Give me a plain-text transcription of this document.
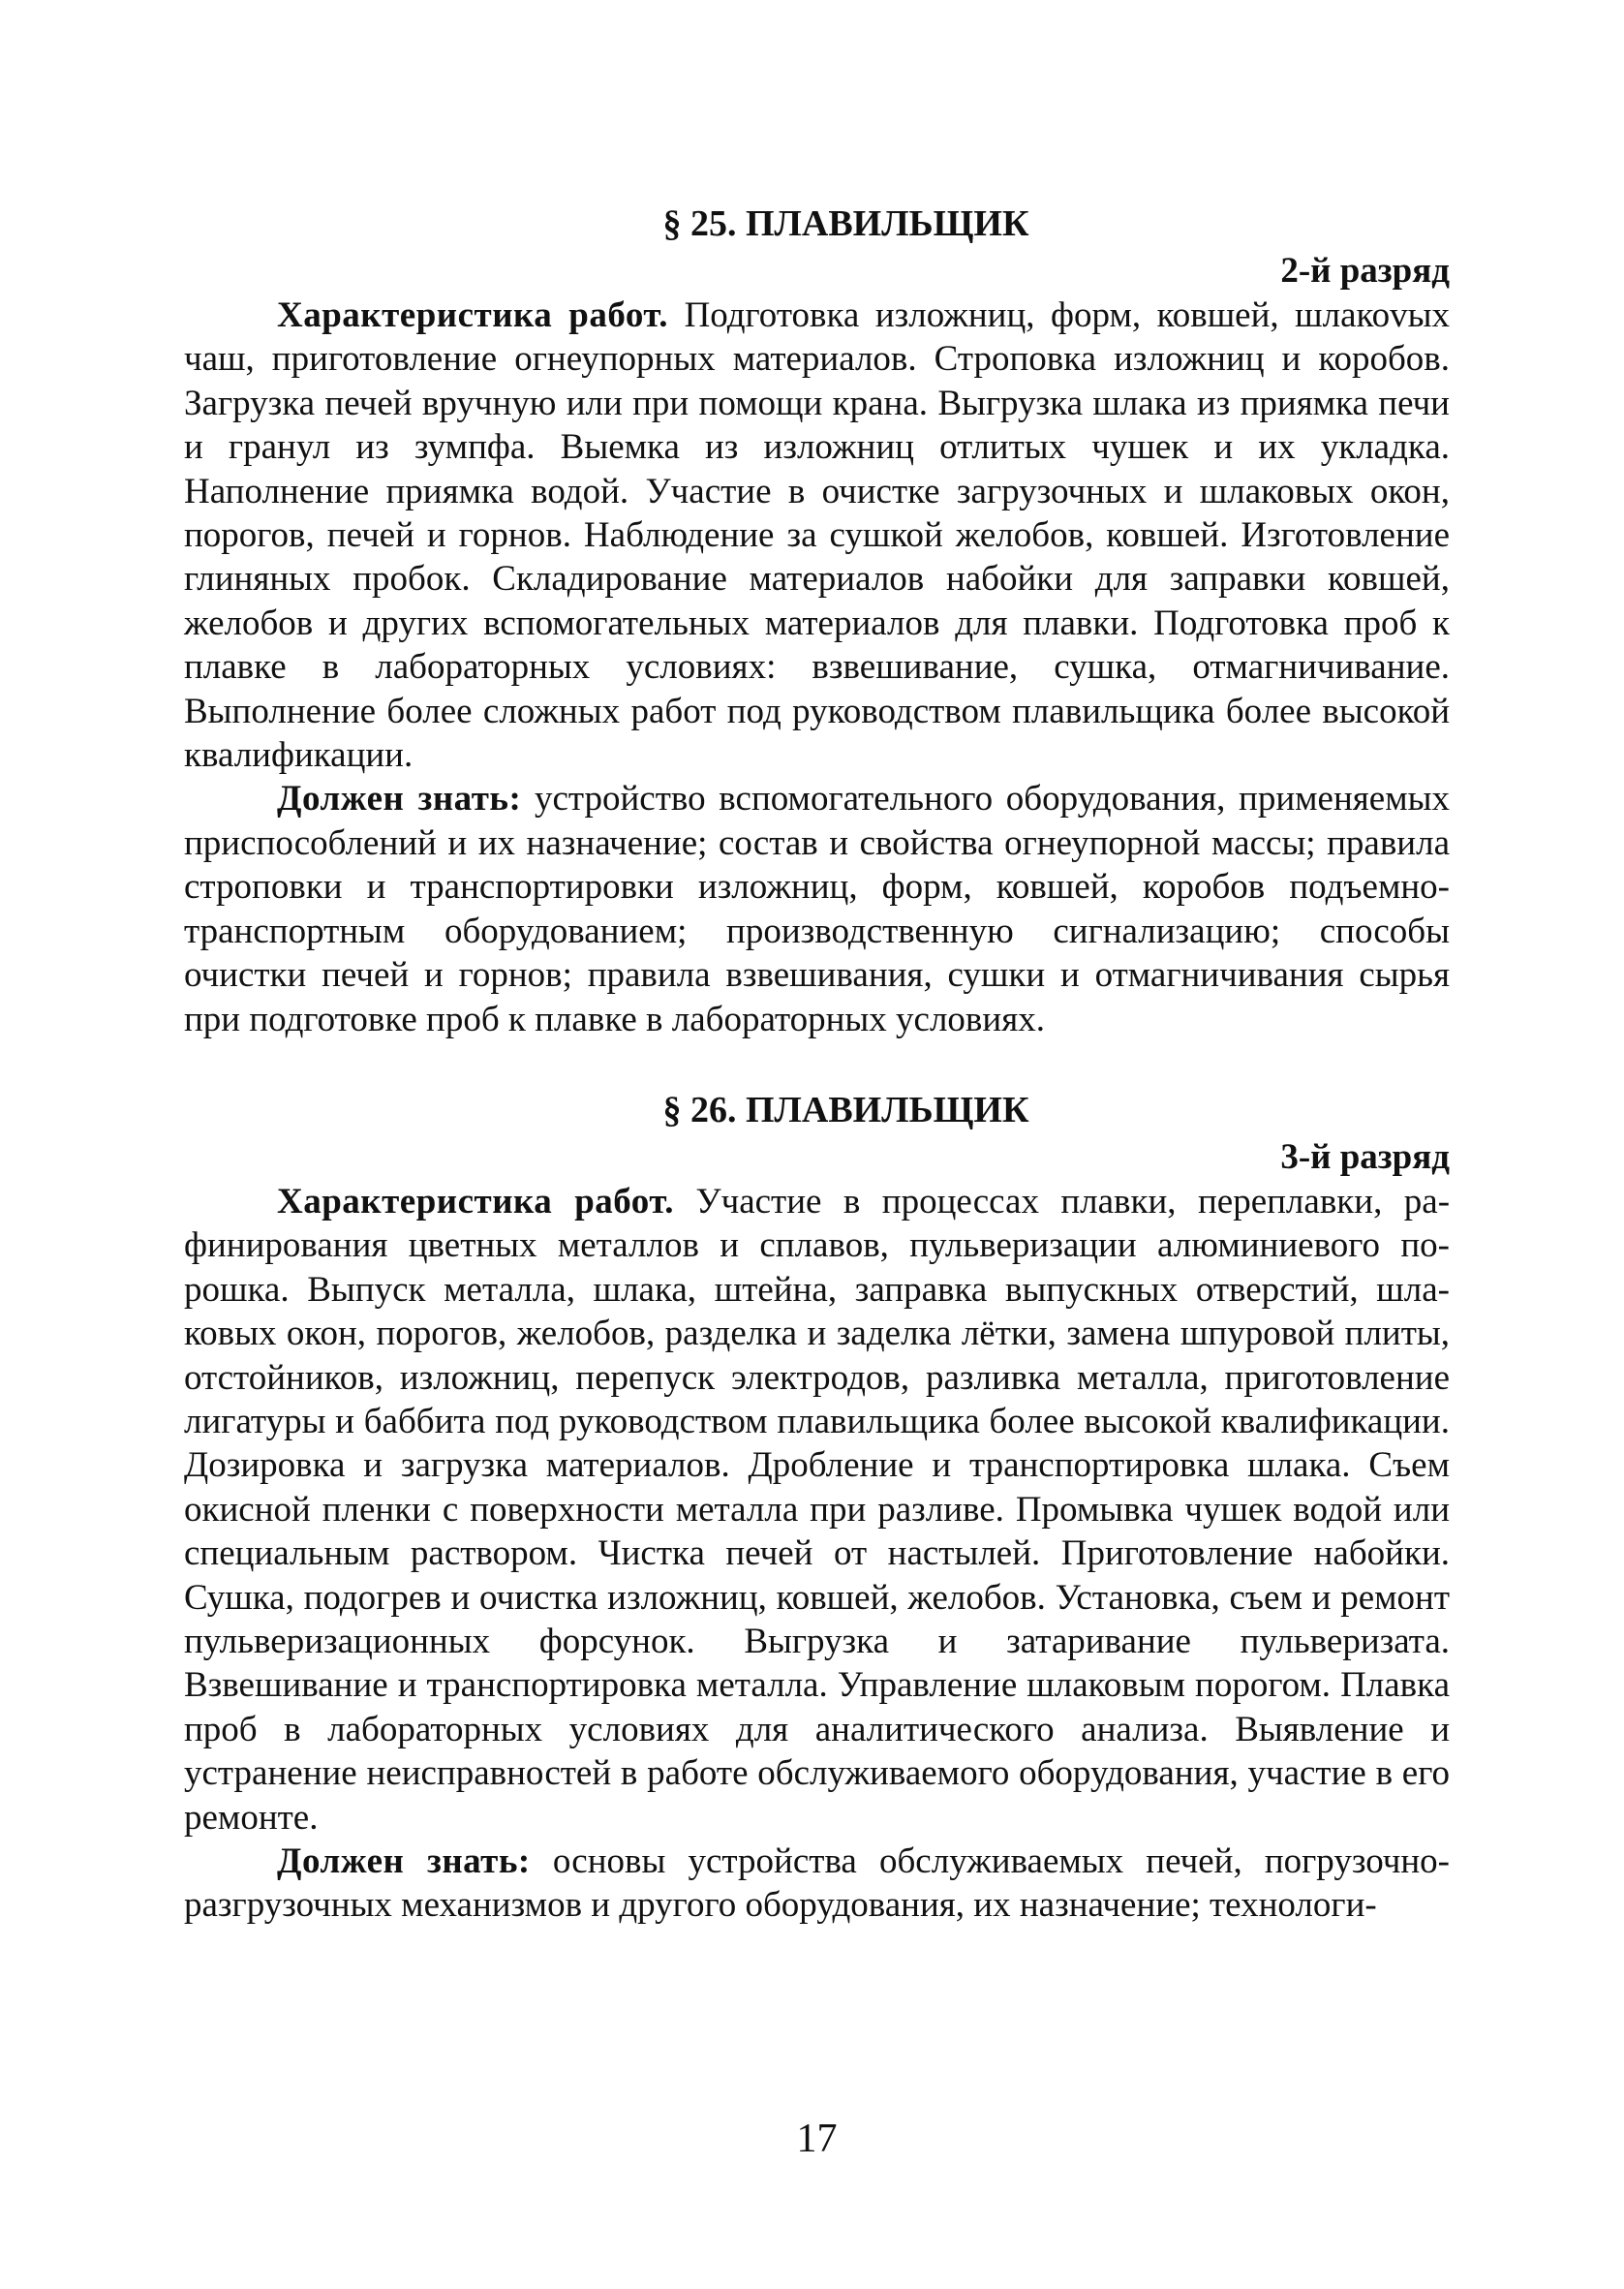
§ 25. ПЛАВИЛЬЩИК

2-й разряд

Характеристика работ. Подготовка изложниц, форм, ковшей, шлакоvых чаш, приготовление огнеупорных материалов. Строповка изложниц и коробов. Загрузка печей вручную или при помощи крана. Выгрузка шлака из приямка печи и гранул из зумпфа. Выемка из изложниц отлитых чушек и их укладка. Наполнение приямка водой. Участие в очистке загрузочных и шлаковых окон, порогов, печей и горнов. Наблюдение за сушкой желобов, ковшей. Изготовление глиняных пробок. Складирование материалов набойки для заправки ковшей, желобов и других вспомогательных материалов для плавки. Подготовка проб к плавке в лабораторных условиях: взвешивание, сушка, отмагничивание. Выполнение более сложных работ под руководством плавильщика более высокой квалификации.

Должен знать: устройство вспомогательного оборудования, применяемых приспособлений и их назначение; состав и свойства огнеупорной массы; правила строповки и транспортировки изложниц, форм, ковшей, коробов подъемно-транспортным оборудованием; производственную сигнализацию; способы очистки печей и горнов; правила взвешивания, сушки и отмагничивания сырья при подготовке проб к плавке в лабораторных условиях.

§ 26. ПЛАВИЛЬЩИК

3-й разряд

Характеристика работ. Участие в процессах плавки, переплавки, рафинирования цветных металлов и сплавов, пульверизации алюминиевого порошка. Выпуск металла, шлака, штейна, заправка выпускных отверстий, шлаковых окон, порогов, желобов, разделка и заделка лётки, замена шпуровой плиты, отстойников, изложниц, перепуск электродов, разливка металла, приготовление лигатуры и баббита под руководством плавильщика более высокой квалификации. Дозировка и загрузка материалов. Дробление и транспортировка шлака. Съем окисной пленки с поверхности металла при разливе. Промывка чушек водой или специальным раствором. Чистка печей от настылей. Приготовление набойки. Сушка, подогрев и очистка изложниц, ковшей, желобов. Установка, съем и ремонт пульверизационных форсунок. Выгрузка и затаривание пульверизата. Взвешивание и транспортировка металла. Управление шлаковым порогом. Плавка проб в лабораторных условиях для аналитического анализа. Выявление и устранение неисправностей в работе обслуживаемого оборудования, участие в его ремонте.

Должен знать: основы устройства обслуживаемых печей, погрузочно-разгрузочных механизмов и другого оборудования, их назначение; технологи-

17
